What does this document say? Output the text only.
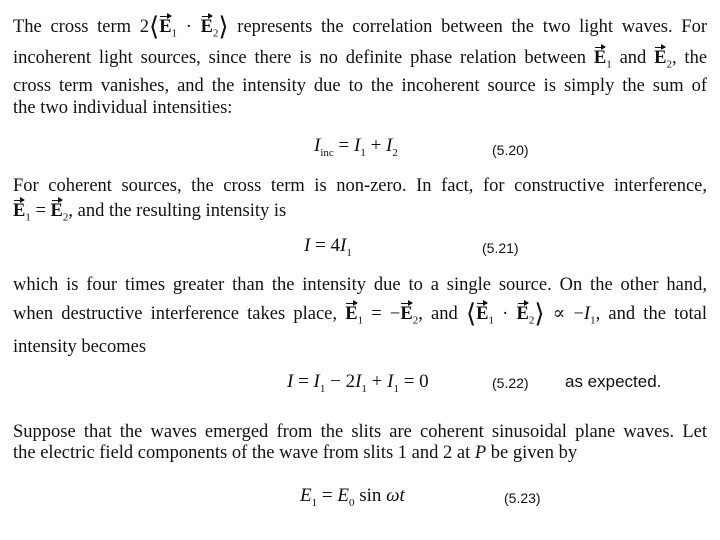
The cross term $2⟨E_1$ · $E_2⟩$ represents the correlation between the two light waves. For
incoherent light sources, since there is no definite phase relation between $E_1$ and $E_2$, the
cross term vanishes, and the intensity due to the incoherent source is simply the sum of
the two individual intensities:
$I_{inc} = I_1 + I_2$	(5.20)
For coherent sources, the cross term is non-zero. In fact, for constructive interference,
$E_1 = E_2$, and the resulting intensity is
$I = 4I_1$	(5.21)
which is four times greater than the intensity due to a single source. On the other hand,
when destructive interference takes place, $E_1 = -E_2$, and $⟨E_1$ · $E_2⟩ \propto -I_1$, and the total
intensity becomes
$I = I_1 - 2I_1 + I_1 = 0$	(5.22) as expected.
Suppose that the waves emerged from the slits are coherent sinusoidal plane waves. Let
the electric field components of the wave from slits 1 and 2 at P be given by
$E_1 = E_0$ sin ωt	(5.23)
